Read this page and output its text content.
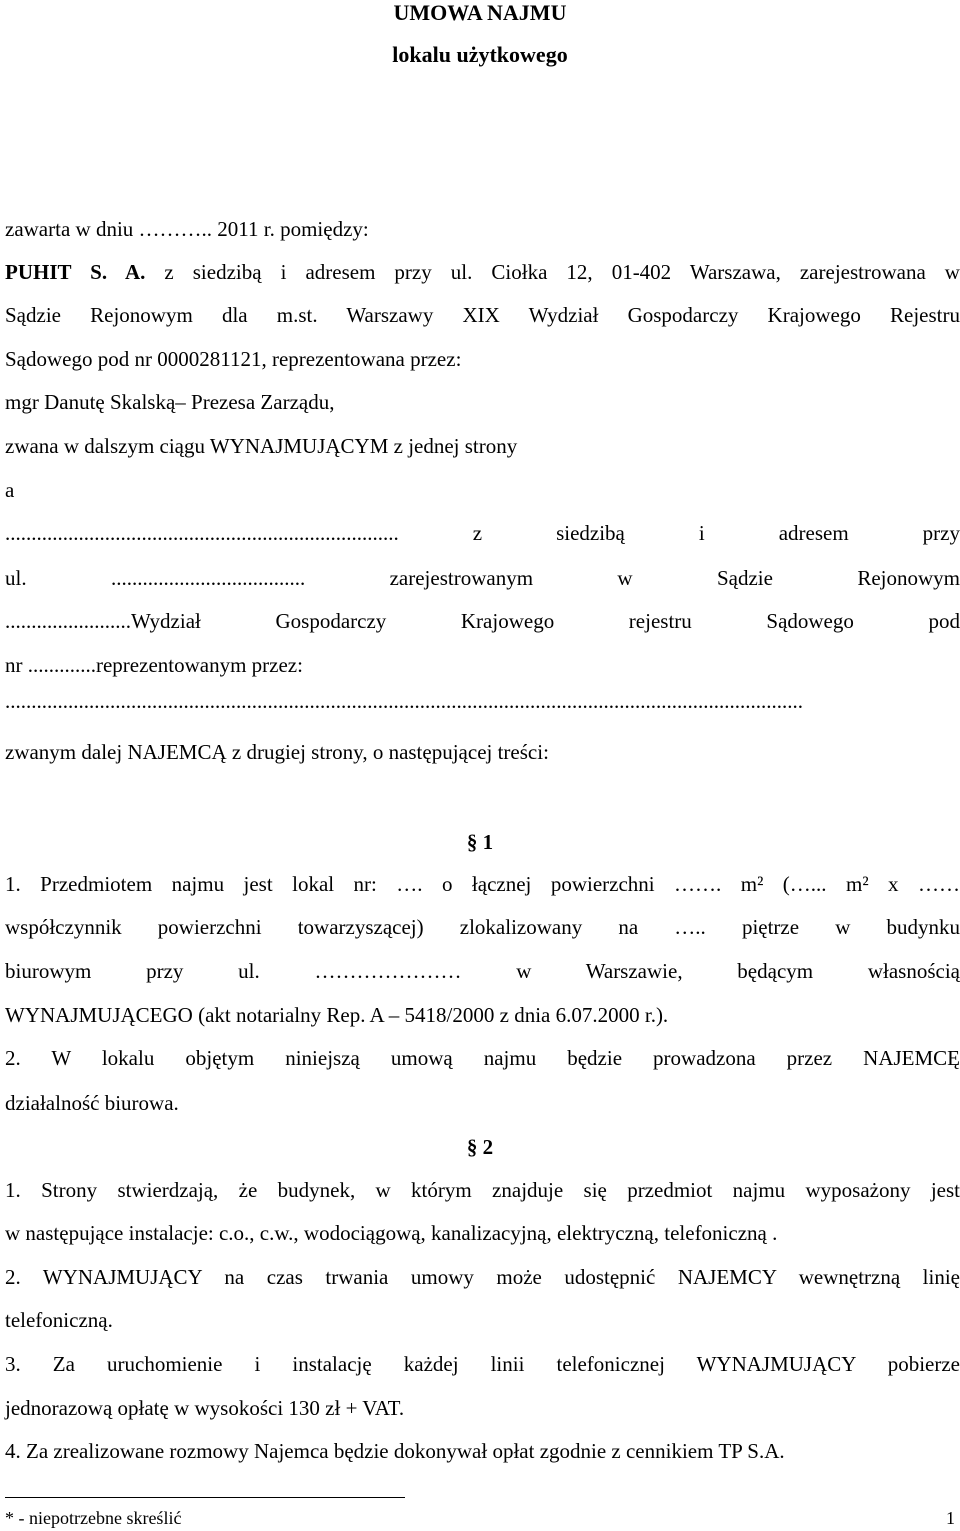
UMOWA NAJMU
lokalu użytkowego
zawarta w dniu ……….. 2011 r. pomiędzy:
PUHIT S. A. z siedzibą i adresem przy ul. Ciołka 12, 01-402 Warszawa, zarejestrowana w
Sądzie Rejonowym dla m.st. Warszawy XIX Wydział Gospodarczy Krajowego Rejestru
Sądowego pod nr 0000281121, reprezentowana przez:
mgr Danutę Skalską– Prezesa Zarządu,
zwana w dalszym ciągu WYNAJMUJĄCYM z jednej strony
a
........................................................................... z siedzibą i adresem przy
ul. ..................................... zarejestrowanym w Sądzie Rejonowym
........................Wydział Gospodarczy Krajowego rejestru Sądowego pod
nr .............reprezentowanym przez:
........................................................................................................................................................
zwanym dalej NAJEMCĄ z drugiej strony, o następującej treści:
§ 1
1. Przedmiotem najmu jest lokal nr: …. o łącznej powierzchni ……. m² (…... m² x ……
współczynnik powierzchni towarzyszącej) zlokalizowany na ….. piętrze w budynku
biurowym przy ul. ………………… w Warszawie, będącym własnością
WYNAJMUJĄCEGO (akt notarialny Rep. A – 5418/2000 z dnia 6.07.2000 r.).
2. W lokalu objętym niniejszą umową najmu będzie prowadzona przez NAJEMCĘ
działalność biurowa.
§ 2
1. Strony stwierdzają, że budynek, w którym znajduje się przedmiot najmu wyposażony jest
w następujące instalacje: c.o., c.w., wodociągową, kanalizacyjną, elektryczną, telefoniczną .
2. WYNAJMUJĄCY na czas trwania umowy może udostępnić NAJEMCY wewnętrzną linię
telefoniczną.
3. Za uruchomienie i instalację każdej linii telefonicznej WYNAJMUJĄCY pobierze
jednorazową opłatę w wysokości 130 zł + VAT.
4. Za zrealizowane rozmowy Najemca będzie dokonywał opłat zgodnie z cennikiem TP S.A.
* - niepotrzebne skreślić	1
